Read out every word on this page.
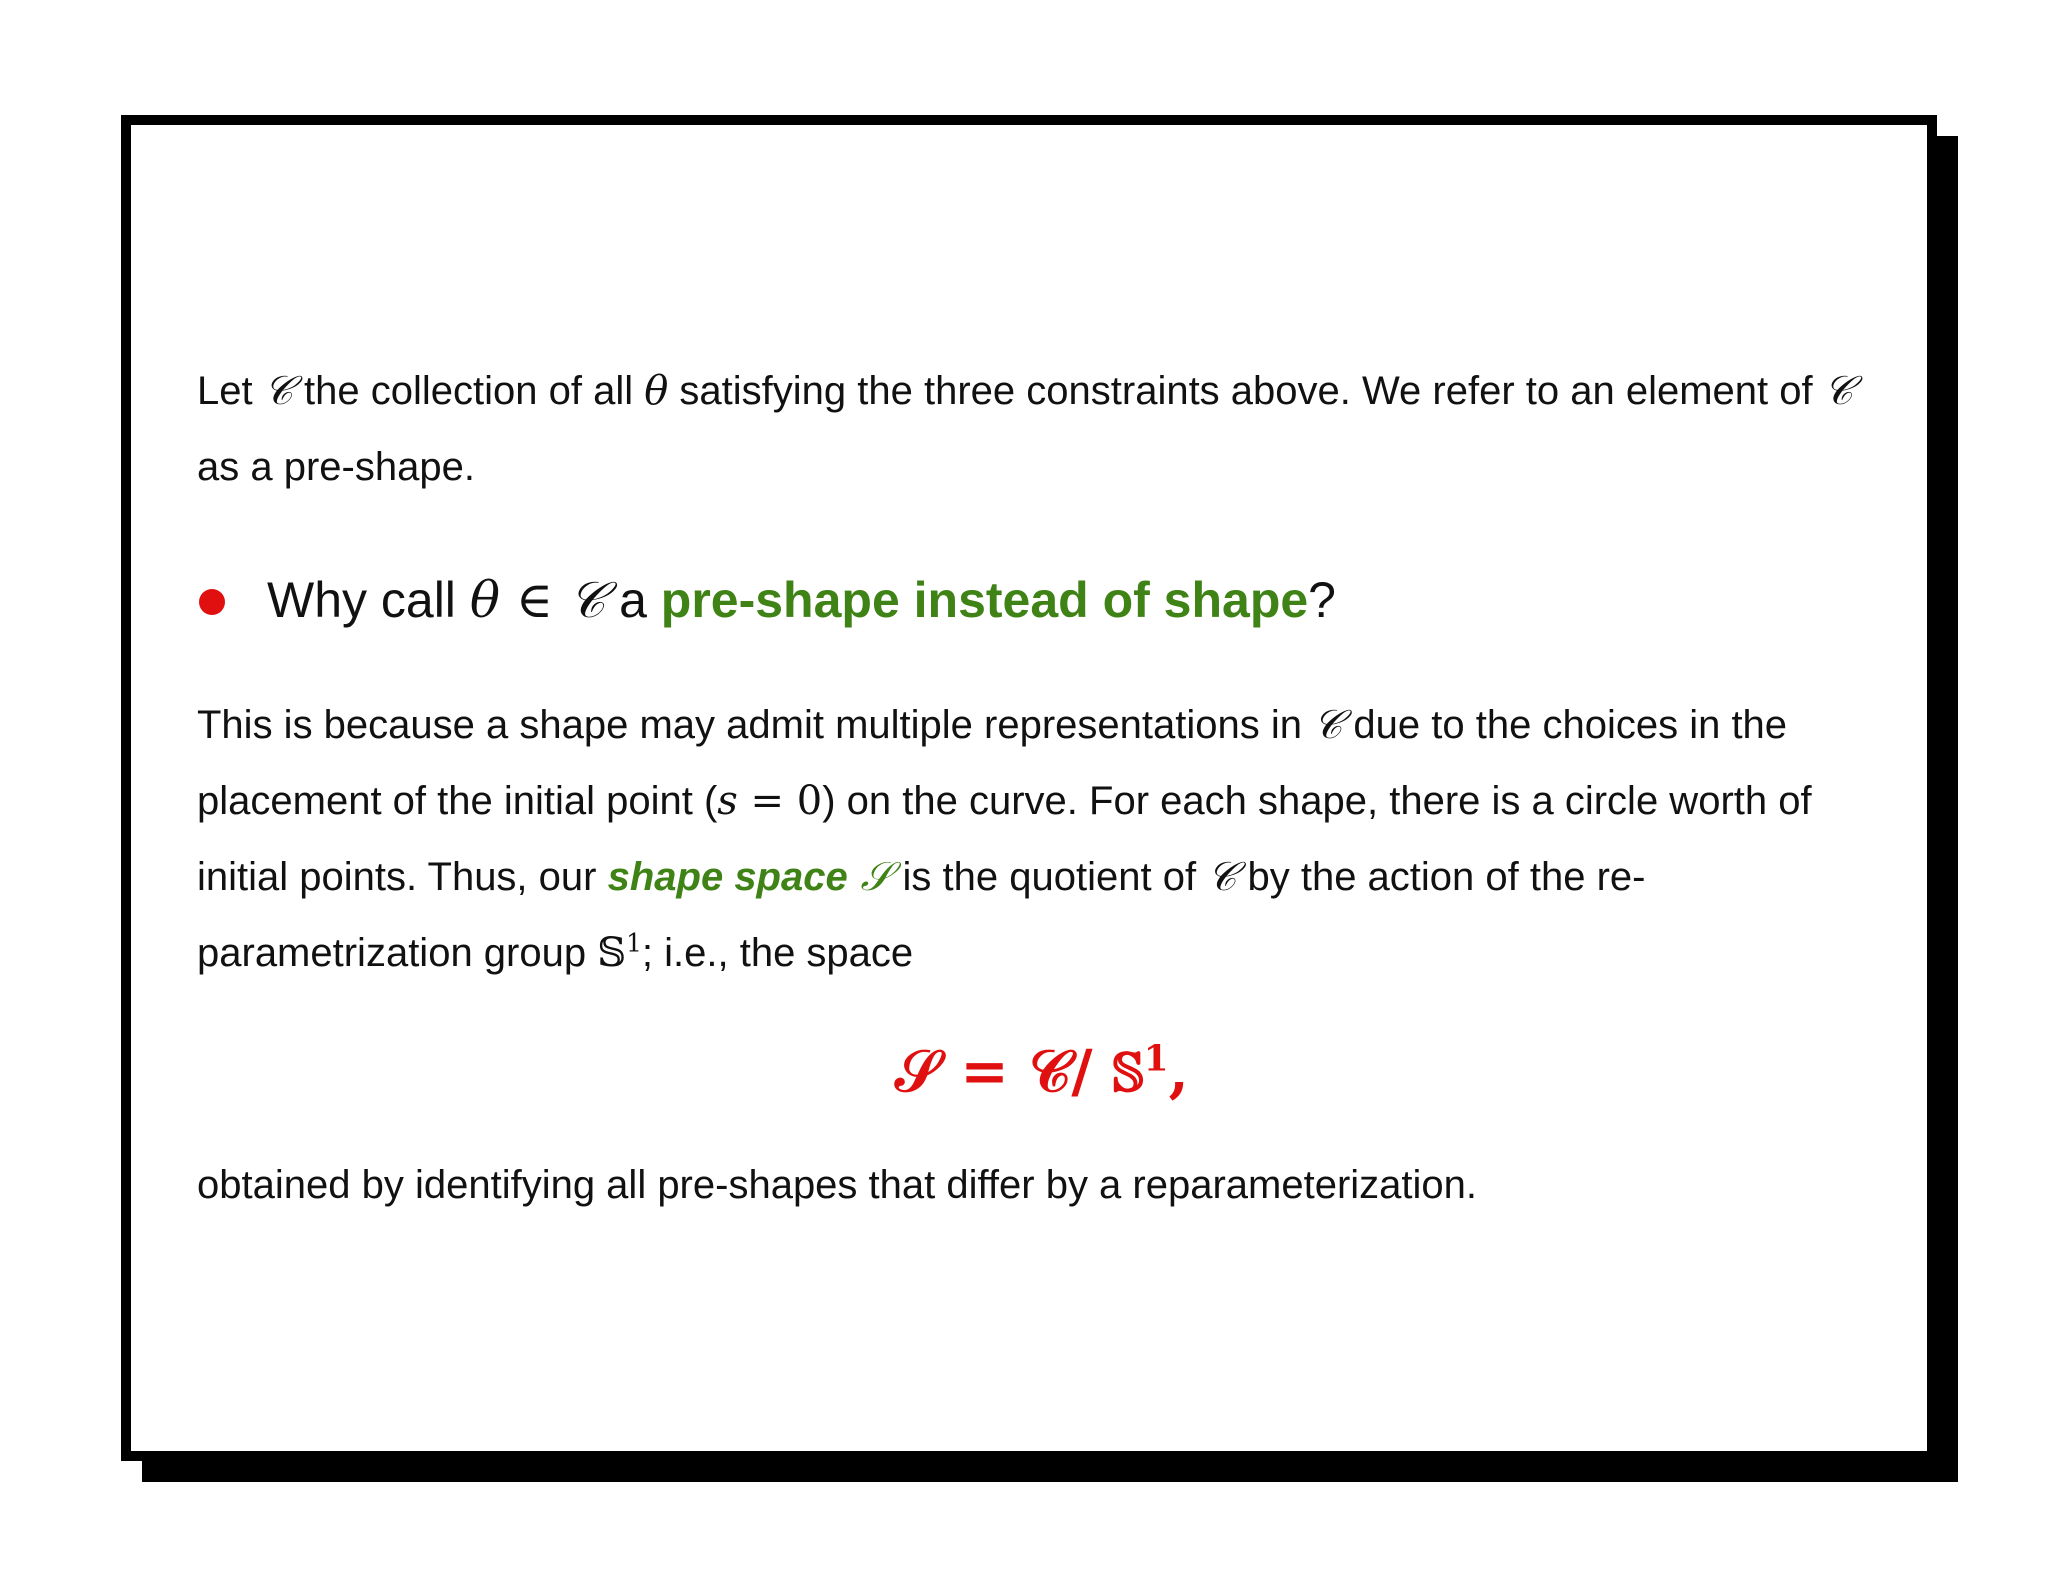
Let 𝒞 the collection of all θ satisfying the three constraints above. We refer to an element of 𝒞 as a pre-shape.

Why call θ ∈ 𝒞 a pre-shape instead of shape?

This is because a shape may admit multiple representations in 𝒞 due to the choices in the placement of the initial point (s = 0) on the curve. For each shape, there is a circle worth of initial points. Thus, our shape space 𝒮 is the quotient of 𝒞 by the action of the re-parametrization group 𝕊$^1$; i.e., the space

𝒮 = 𝒞/ 𝕊$^1$,

obtained by identifying all pre-shapes that differ by a reparameterization.
